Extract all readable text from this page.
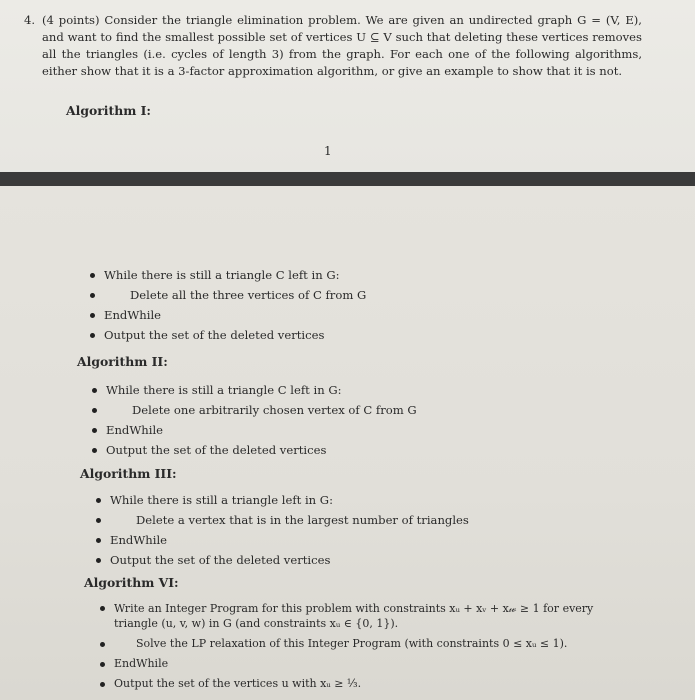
4. (4 points) Consider the triangle elimination problem. We are given an undirected graph G = (V, E), and want to find the smallest possible set of vertices U ⊆ V such that deleting these vertices removes all the triangles (i.e. cycles of length 3) from the graph. For each one of the following algorithms, either show that it is a 3-factor approximation algorithm, or give an example to show that it is not.
Algorithm I:
1
While there is still a triangle C left in G:
Delete all the three vertices of C from G
EndWhile
Output the set of the deleted vertices
Algorithm II:
While there is still a triangle C left in G:
Delete one arbitrarily chosen vertex of C from G
EndWhile
Output the set of the deleted vertices
Algorithm III:
While there is still a triangle left in G:
Delete a vertex that is in the largest number of triangles
EndWhile
Output the set of the deleted vertices
Algorithm VI:
Write an Integer Program for this problem with constraints xᵤ + xᵥ + x𝓌 ≥ 1 for every triangle (u, v, w) in G (and constraints xᵤ ∈ {0, 1}).
Solve the LP relaxation of this Integer Program (with constraints 0 ≤ xᵤ ≤ 1).
EndWhile
Output the set of the vertices u with xᵤ ≥ ⅓.
